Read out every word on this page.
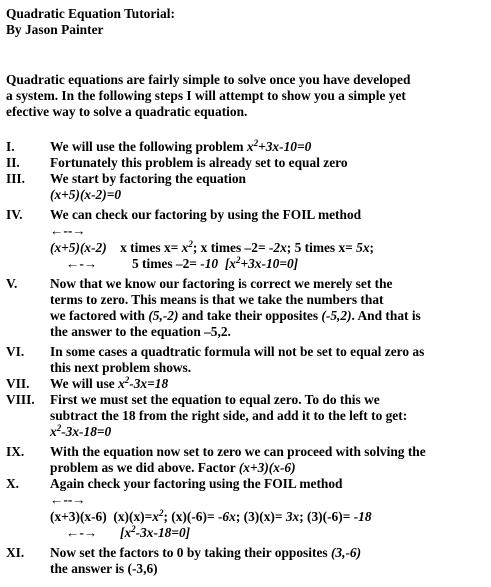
Quadratic Equation Tutorial:
By Jason Painter
Quadratic equations are fairly simple to solve once you have developed
a system. In the following steps I will attempt to show you a simple yet
efective way to solve a quadratic equation.
I.	We will use the following problem $x^2+3x-10=0$
II. Fortunately this problem is already set to equal zero
III. We start by factoring the equation
(x+5)(x-2)=0
IV. We can check our factoring by using the FOIL method
←--→
(x+5)(x-2)    x times $x= x^2$; x times –2= -2x; 5 times x= 5x;
←-→	5 times –2= -10 $[x^2+3x-10=0]$
V. Now that we know our factoring is correct we merely set the
terms to zero. This means is that we take the numbers that
we factored with (5,-2) and take their opposites (-5,2). And that is
the answer to the equation –5,2.
VI. In some cases a quadtratic formula will not be set to equal zero as
this next problem shows.
VII. We will use $x^2-3x=18$
VIII. First we must set the equation to equal zero. To do this we
subtract the 18 from the right side, and add it to the left to get:
$x^2-3x-18=0$
IX. With the equation now set to zero we can proceed with solving the
problem as we did above. Factor (x+3)(x-6)
X. Again check your factoring using the FOIL method
←--→
(x+3)(x-6)  $(x)(x)=x^2$; (x)(-6)= -6x; (3)(x)= 3x; (3)(-6)= -18
←-→ $[x^2-3x-18=0]$
XI. Now set the factors to 0 by taking their opposites (3,-6)
the answer is (-3,6)
